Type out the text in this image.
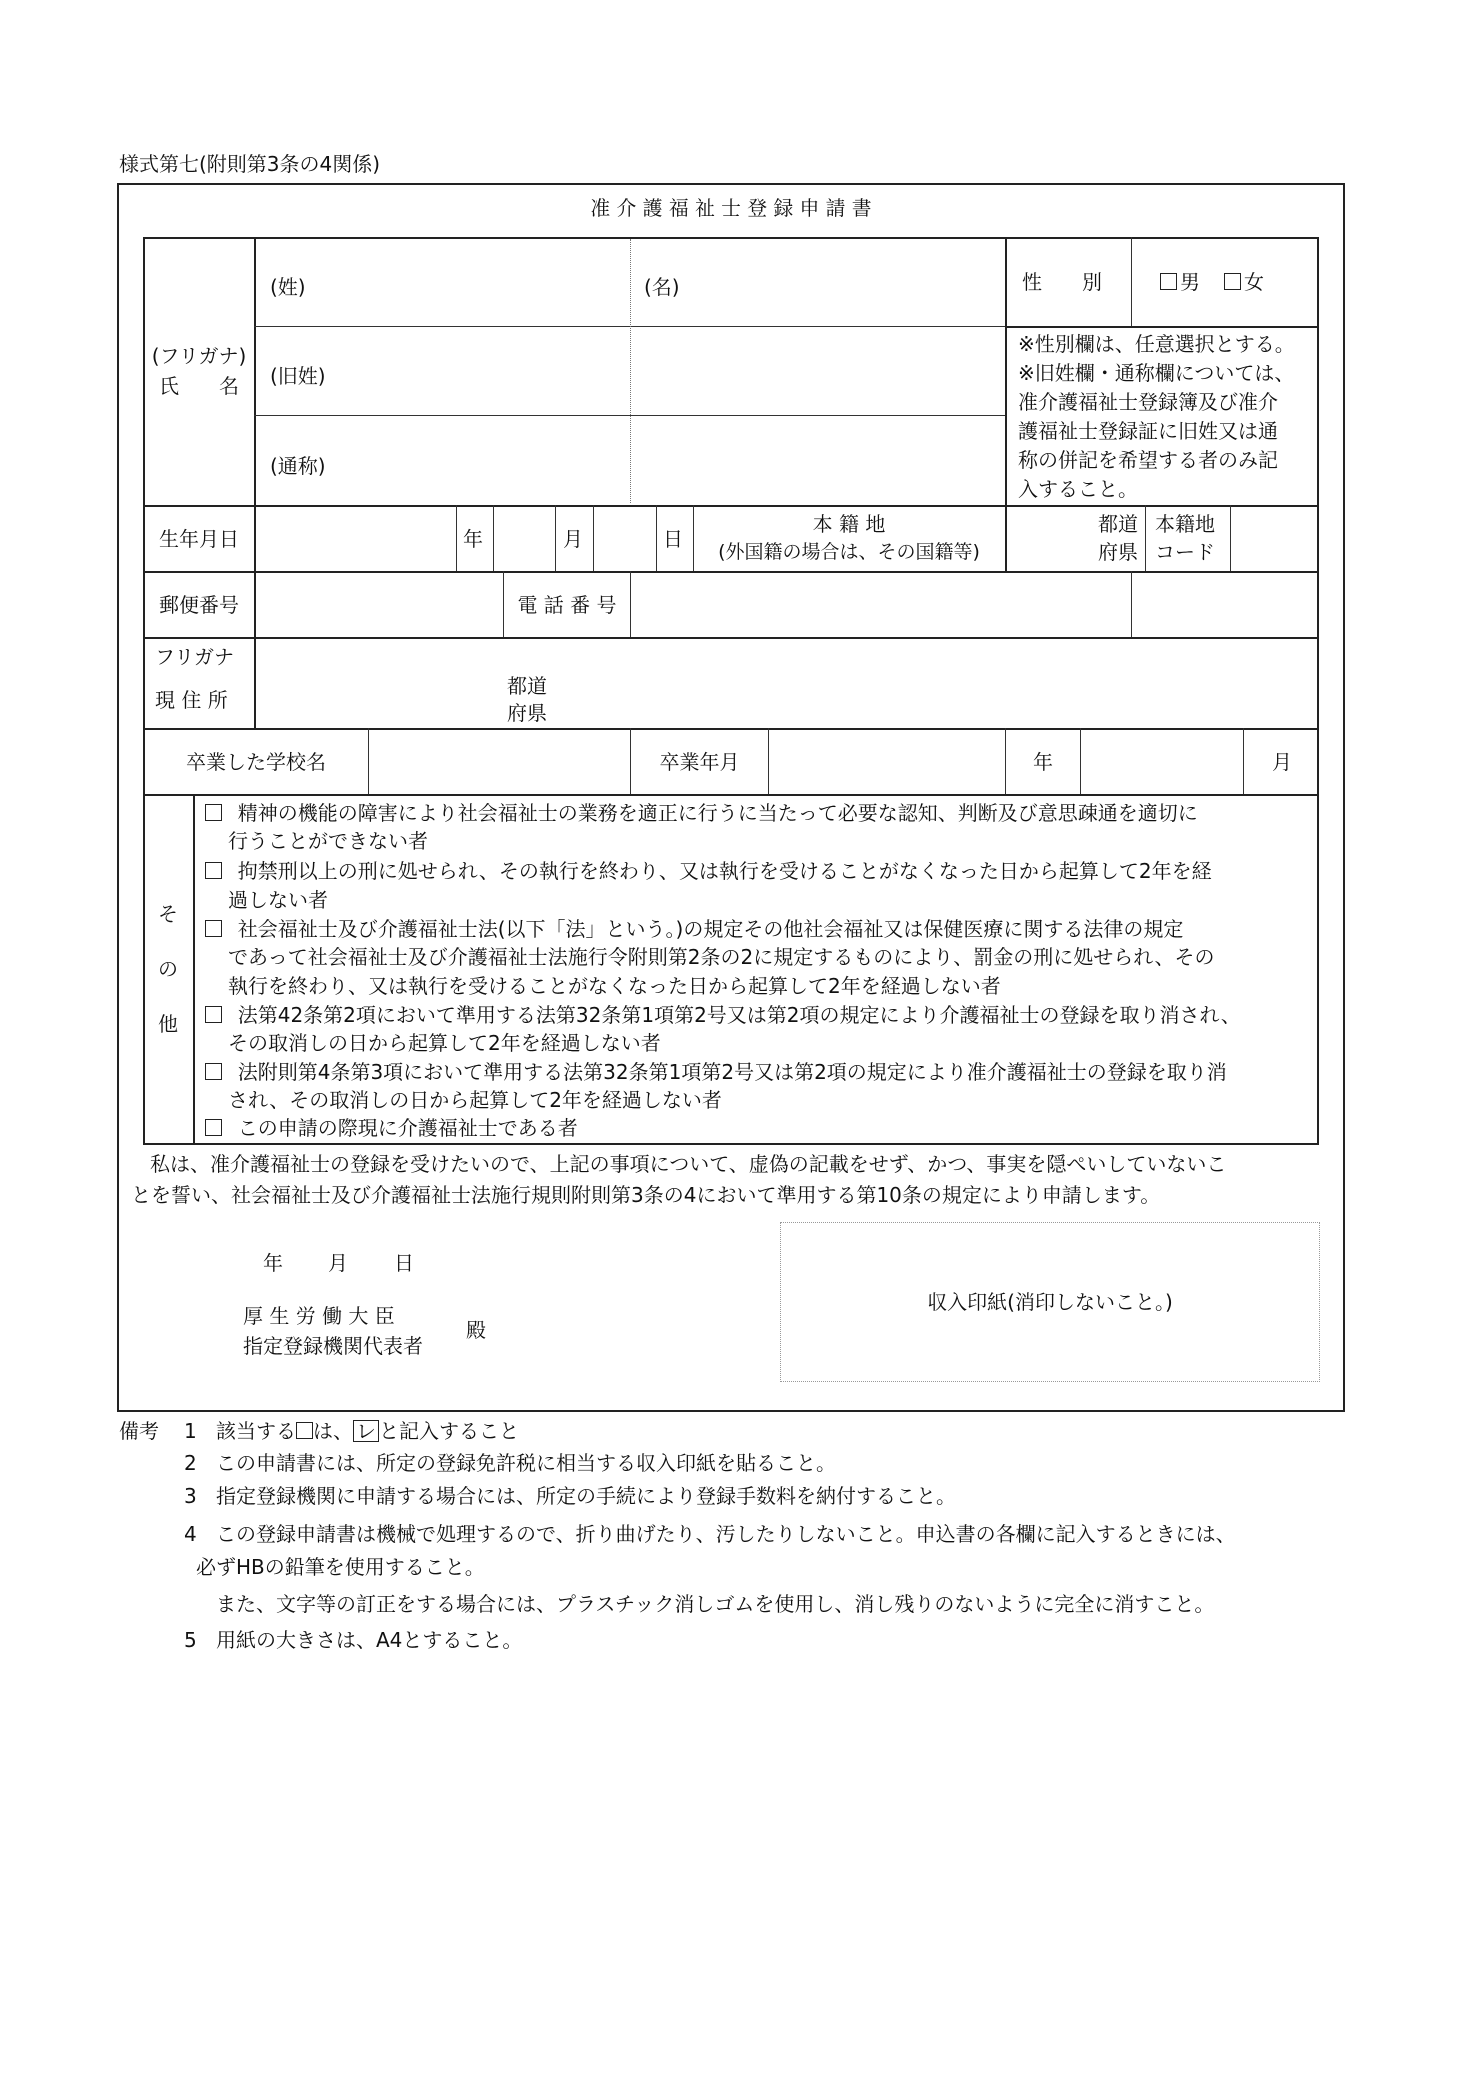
様式第七(附則第3条の4関係)
准 介 護 福 祉 士 登 録 申 請 書
(フリガナ)
氏　　名
(姓)	(名)
(旧姓)
(通称)
性　　別	男	女
※性別欄は、任意選択とする。
※旧姓欄・通称欄については、
准介護福祉士登録簿及び准介
護福祉士登録証に旧姓又は通
称の併記を希望する者のみ記
入すること。
生年月日	年	月	日
本 籍 地
(外国籍の場合は、その国籍等)
都道
府県
本籍地
コード
郵便番号	電 話 番 号
フリガナ
現 住 所
都道
府県
卒業した学校名	卒業年月	年	月
そ
の
他
精神の機能の障害により社会福祉士の業務を適正に行うに当たって必要な認知、判断及び意思疎通を適切に
行うことができない者
拘禁刑以上の刑に処せられ、その執行を終わり、又は執行を受けることがなくなった日から起算して2年を経
過しない者
社会福祉士及び介護福祉士法(以下「法」という。)の規定その他社会福祉又は保健医療に関する法律の規定
であって社会福祉士及び介護福祉士法施行令附則第2条の2に規定するものにより、罰金の刑に処せられ、その
執行を終わり、又は執行を受けることがなくなった日から起算して2年を経過しない者
法第42条第2項において準用する法第32条第1項第2号又は第2項の規定により介護福祉士の登録を取り消され、
その取消しの日から起算して2年を経過しない者
法附則第4条第3項において準用する法第32条第1項第2号又は第2項の規定により准介護福祉士の登録を取り消
され、その取消しの日から起算して2年を経過しない者
この申請の際現に介護福祉士である者
私は、准介護福祉士の登録を受けたいので、上記の事項について、虚偽の記載をせず、かつ、事実を隠ぺいしていないこ
とを誓い、社会福祉士及び介護福祉士法施行規則附則第3条の4において準用する第10条の規定により申請します。
年 月 日
厚 生 労 働 大 臣
指定登録機関代表者
殿
収入印紙(消印しないこと。)
備考 1 該当する は、 レ と記入すること
2 この申請書には、所定の登録免許税に相当する収入印紙を貼ること。
3 指定登録機関に申請する場合には、所定の手続により登録手数料を納付すること。
4 この登録申請書は機械で処理するので、折り曲げたり、汚したりしないこと。申込書の各欄に記入するときには、
必ずHBの鉛筆を使用すること。
また、文字等の訂正をする場合には、プラスチック消しゴムを使用し、消し残りのないように完全に消すこと。
5 用紙の大きさは、A4とすること。
